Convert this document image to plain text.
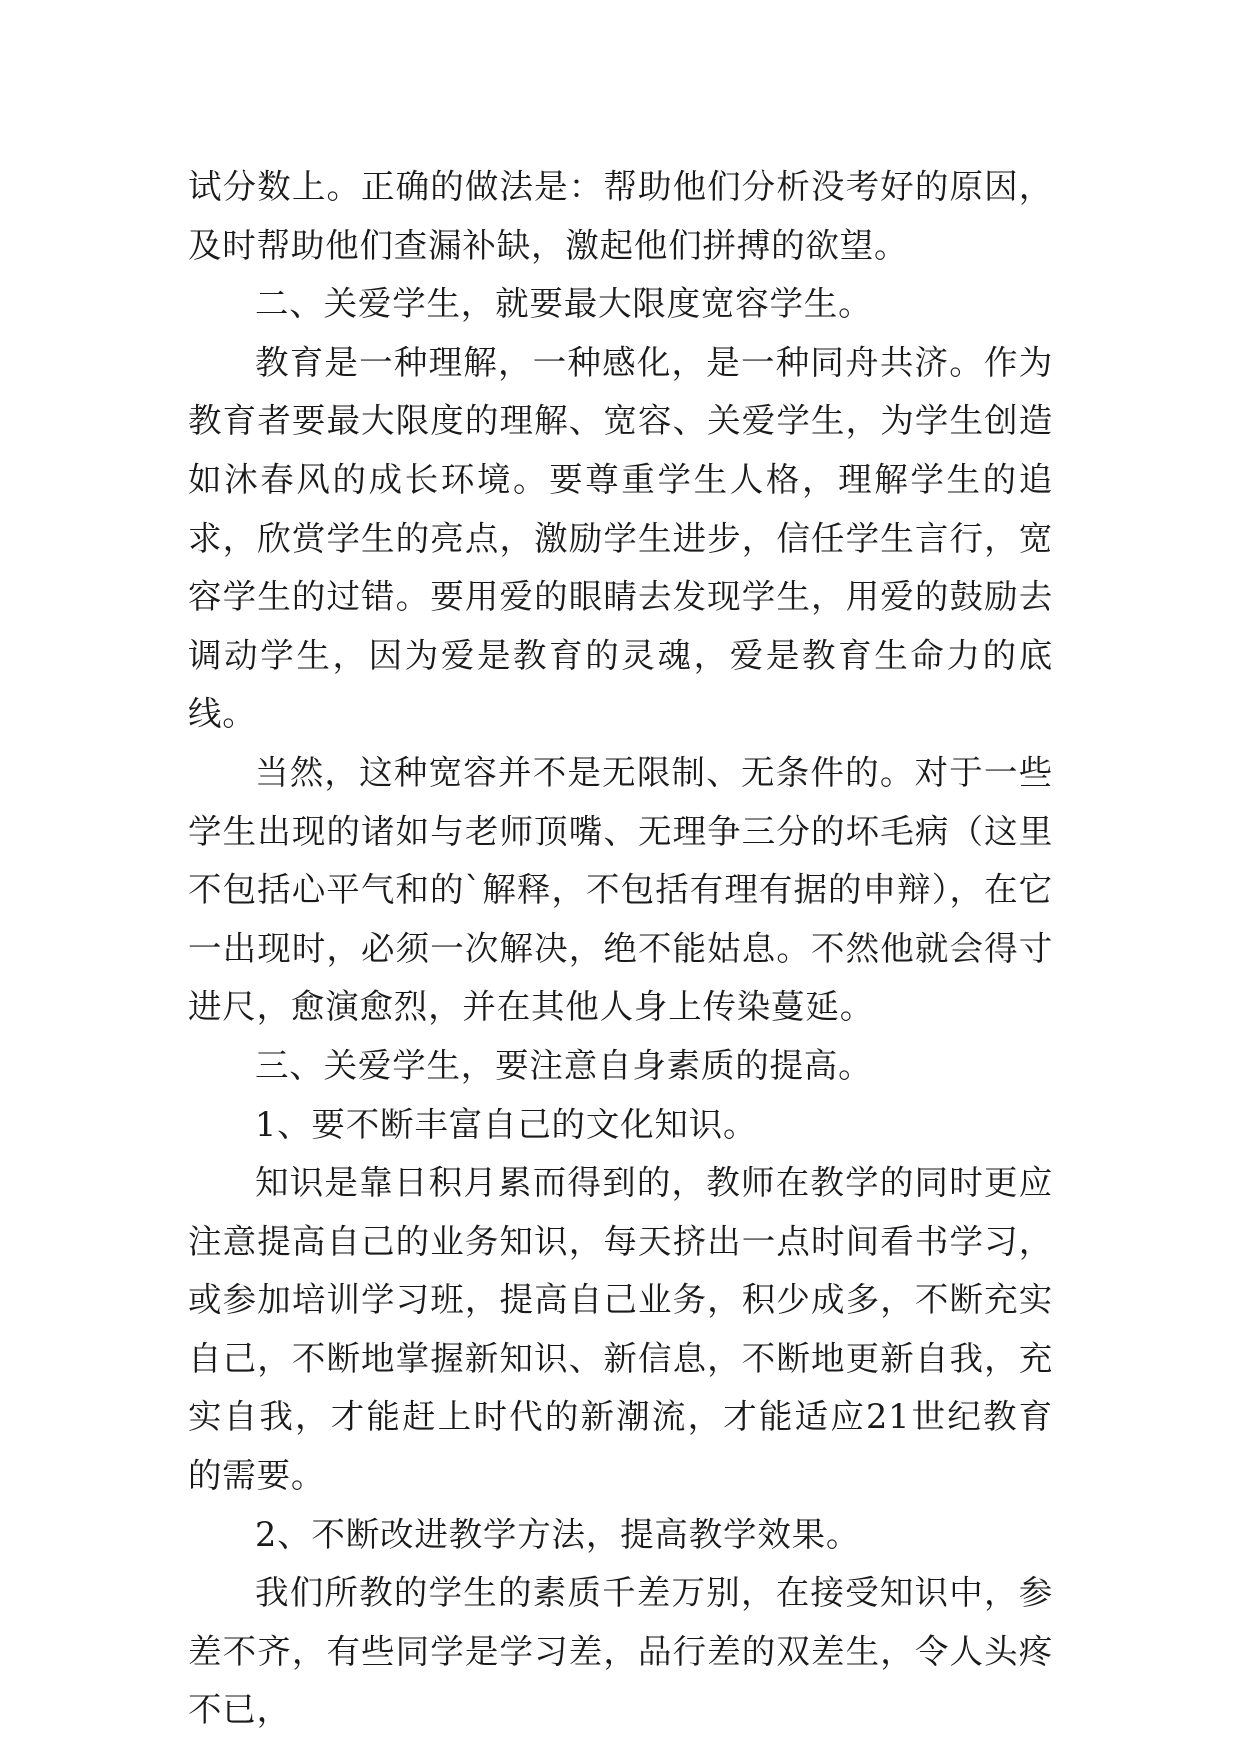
试分数上。正确的做法是：帮助他们分析没考好的原因，及时帮助他们查漏补缺，激起他们拼搏的欲望。

二、关爱学生，就要最大限度宽容学生。

教育是一种理解，一种感化，是一种同舟共济。作为教育者要最大限度的理解、宽容、关爱学生，为学生创造如沐春风的成长环境。要尊重学生人格，理解学生的追求，欣赏学生的亮点，激励学生进步，信任学生言行，宽容学生的过错。要用爱的眼睛去发现学生，用爱的鼓励去调动学生，因为爱是教育的灵魂，爱是教育生命力的底线。

当然，这种宽容并不是无限制、无条件的。对于一些学生出现的诸如与老师顶嘴、无理争三分的坏毛病（这里不包括心平气和的`解释，不包括有理有据的申辩），在它一出现时，必须一次解决，绝不能姑息。不然他就会得寸进尺，愈演愈烈，并在其他人身上传染蔓延。

三、关爱学生，要注意自身素质的提高。

1、要不断丰富自己的文化知识。

知识是靠日积月累而得到的，教师在教学的同时更应注意提高自己的业务知识，每天挤出一点时间看书学习，或参加培训学习班，提高自己业务，积少成多，不断充实自己，不断地掌握新知识、新信息，不断地更新自我，充实自我，才能赶上时代的新潮流，才能适应21世纪教育的需要。

2、不断改进教学方法，提高教学效果。

我们所教的学生的素质千差万别，在接受知识中，参差不齐，有些同学是学习差，品行差的双差生，令人头疼不已，
